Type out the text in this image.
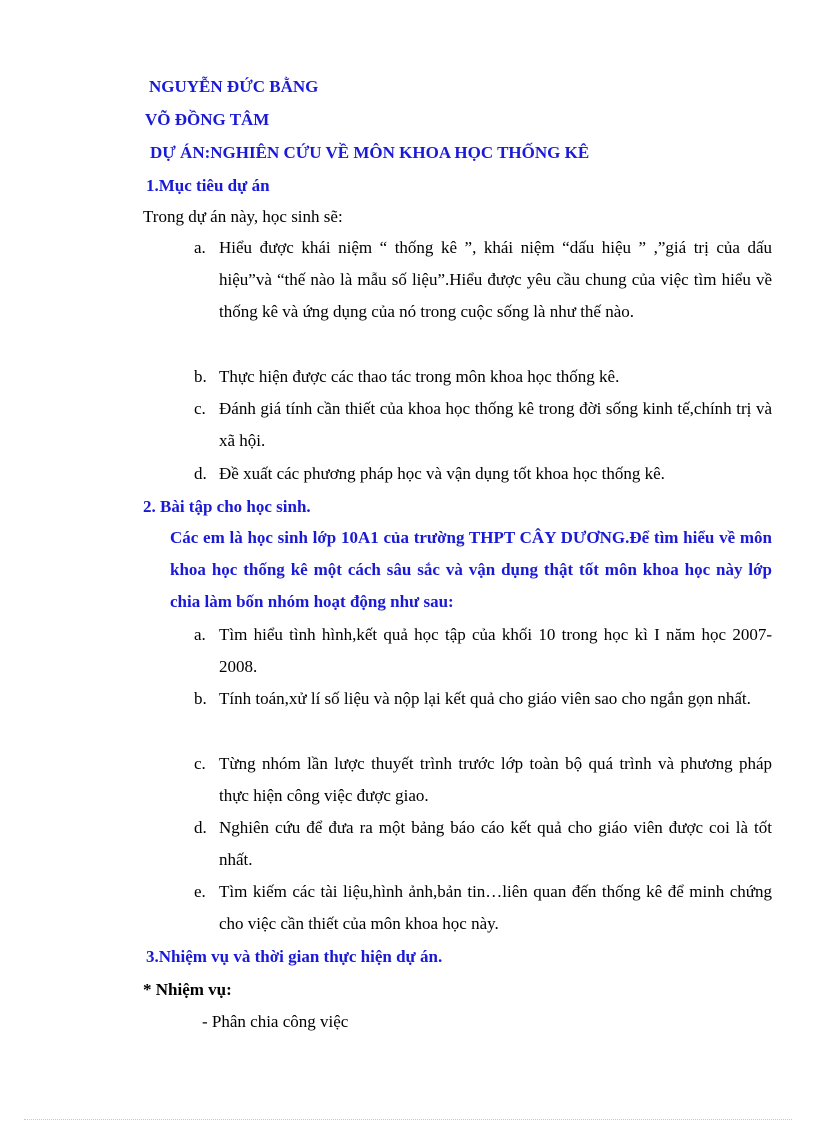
NGUYỄN ĐỨC BẰNG
VÕ ĐỒNG TÂM
DỰ ÁN:NGHIÊN CỨU VỀ MÔN KHOA HỌC THỐNG KÊ
1.Mục tiêu dự án
Trong dự án này, học sinh sẽ:
a. Hiểu được khái niệm “ thống kê ”, khái niệm “dấu hiệu ” ,”giá trị của dấu hiệu”và “thế nào là mẫu số liệu”.Hiểu được yêu cầu chung của việc tìm hiểu về thống kê và ứng dụng của nó trong cuộc sống là như thế nào.
b. Thực hiện được các thao tác trong môn khoa học thống kê.
c. Đánh giá tính cần thiết của khoa học thống kê trong đời sống kinh tế,chính trị và xã hội.
d. Đề xuất các phương pháp học và vận dụng tốt khoa học thống kê.
2. Bài tập cho học sinh.
Các em là học sinh lớp 10A1 của trường THPT CÂY DƯƠNG.Để tìm hiểu về môn khoa học thống kê một cách sâu sắc và vận dụng thật tốt môn khoa học này lớp chia làm bốn nhóm hoạt động như sau:
a. Tìm hiểu tình hình,kết quả học tập của khối 10 trong học kì I năm học 2007-2008.
b. Tính toán,xử lí số liệu và nộp lại kết quả cho giáo viên sao cho ngắn gọn nhất.
c. Từng nhóm lần lược thuyết trình trước lớp toàn bộ quá trình và phương pháp thực hiện công việc được giao.
d. Nghiên cứu để đưa ra một bảng báo cáo kết quả cho giáo viên được coi là tốt nhất.
e. Tìm kiếm các tài liệu,hình ảnh,bản tin…liên quan đến thống kê để minh chứng cho việc cần thiết của môn khoa học này.
3.Nhiệm vụ và thời gian thực hiện dự án.
* Nhiệm vụ:
- Phân chia công việc
